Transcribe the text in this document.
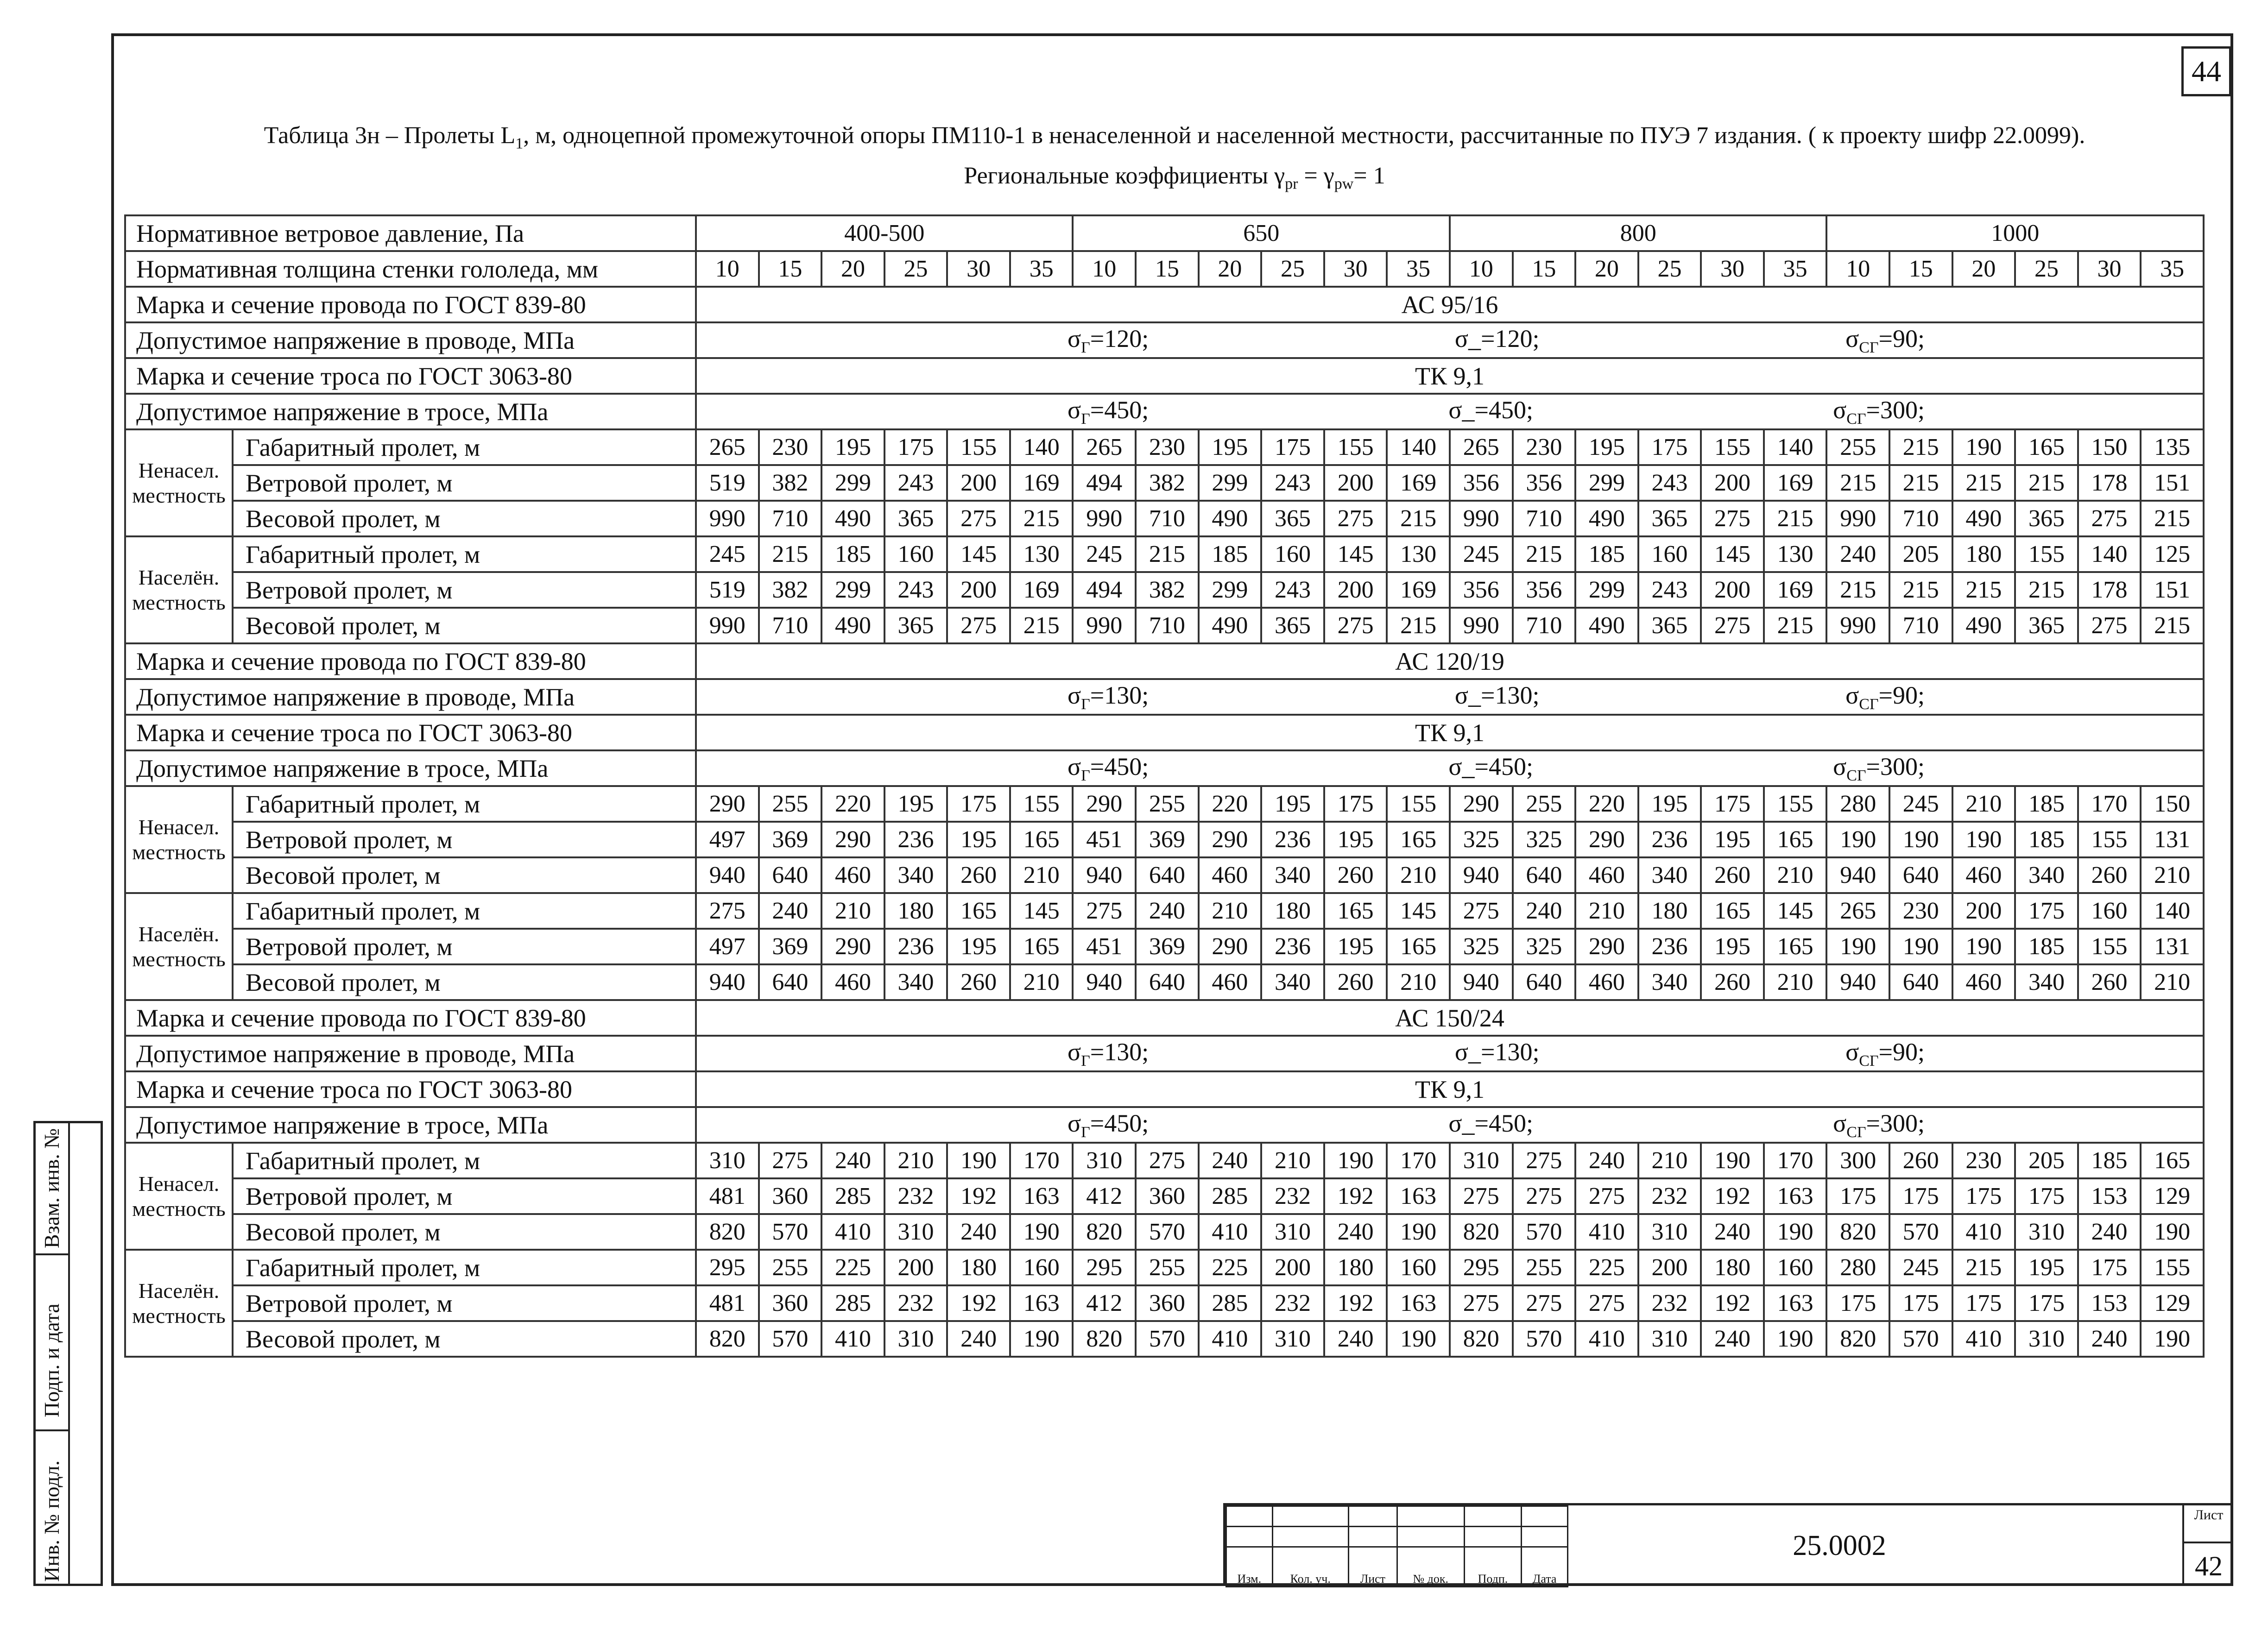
44
Таблица 3н – Пролеты $L_1$, м, одноцепной промежуточной опоры ПМ110-1 в ненаселенной и населенной местности, рассчитанные по ПУЭ 7 издания. ( к проекту шифр 22.0099).
Региональные коэффициенты $\gamma_{pr} = \gamma_{pw}= 1$
Нормативное ветровое давление, Па		400-500						650						800						1000					
Нормативная толщина стенки гололеда, мм		10	15	20	25	30	35	10	15	20	25	30	35	10	15	20	25	30	35	10	15	20	25	30	35
Марка и сечение провода по ГОСТ 839-80		АС 95/16																							
Допустимое напряжение в проводе, МПа		$\sigma_Г=120$; σ_=120; $\sigma_{СГ}=90$;																							

Марка и сечение троса по ГОСТ 3063-80		ТК 9,1																							
Допустимое напряжение в тросе, МПа		$\sigma_Г=450$; σ_=450; $\sigma_{СГ}=300$;																							

Ненасел. местность	Габаритный пролет, м	265	230	195	175	155	140	265	230	195	175	155	140	265	230	195	175	155	140	255	215	190	165	150	135
	Ветровой пролет, м	519	382	299	243	200	169	494	382	299	243	200	169	356	356	299	243	200	169	215	215	215	215	178	151
	Весовой пролет, м	990	710	490	365	275	215	990	710	490	365	275	215	990	710	490	365	275	215	990	710	490	365	275	215
Населён. местность	Габаритный пролет, м	245	215	185	160	145	130	245	215	185	160	145	130	245	215	185	160	145	130	240	205	180	155	140	125
	Ветровой пролет, м	519	382	299	243	200	169	494	382	299	243	200	169	356	356	299	243	200	169	215	215	215	215	178	151
	Весовой пролет, м	990	710	490	365	275	215	990	710	490	365	275	215	990	710	490	365	275	215	990	710	490	365	275	215
Марка и сечение провода по ГОСТ 839-80		АС 120/19																							
Допустимое напряжение в проводе, МПа		$\sigma_Г=130$; σ_=130; $\sigma_{СГ}=90$;																							

Марка и сечение троса по ГОСТ 3063-80		ТК 9,1																							
Допустимое напряжение в тросе, МПа		$\sigma_Г=450$; σ_=450; $\sigma_{СГ}=300$;																							

Ненасел. местность	Габаритный пролет, м	290	255	220	195	175	155	290	255	220	195	175	155	290	255	220	195	175	155	280	245	210	185	170	150
	Ветровой пролет, м	497	369	290	236	195	165	451	369	290	236	195	165	325	325	290	236	195	165	190	190	190	185	155	131
	Весовой пролет, м	940	640	460	340	260	210	940	640	460	340	260	210	940	640	460	340	260	210	940	640	460	340	260	210
Населён. местность	Габаритный пролет, м	275	240	210	180	165	145	275	240	210	180	165	145	275	240	210	180	165	145	265	230	200	175	160	140
	Ветровой пролет, м	497	369	290	236	195	165	451	369	290	236	195	165	325	325	290	236	195	165	190	190	190	185	155	131
	Весовой пролет, м	940	640	460	340	260	210	940	640	460	340	260	210	940	640	460	340	260	210	940	640	460	340	260	210
Марка и сечение провода по ГОСТ 839-80		АС 150/24																							
Допустимое напряжение в проводе, МПа		$\sigma_Г=130$; σ_=130; $\sigma_{СГ}=90$;																							

Марка и сечение троса по ГОСТ 3063-80		ТК 9,1																							
Допустимое напряжение в тросе, МПа		$\sigma_Г=450$; σ_=450; $\sigma_{СГ}=300$;																							

Ненасел. местность	Габаритный пролет, м	310	275	240	210	190	170	310	275	240	210	190	170	310	275	240	210	190	170	300	260	230	205	185	165
	Ветровой пролет, м	481	360	285	232	192	163	412	360	285	232	192	163	275	275	275	232	192	163	175	175	175	175	153	129
	Весовой пролет, м	820	570	410	310	240	190	820	570	410	310	240	190	820	570	410	310	240	190	820	570	410	310	240	190
Населён. местность	Габаритный пролет, м	295	255	225	200	180	160	295	255	225	200	180	160	295	255	225	200	180	160	280	245	215	195	175	155
	Ветровой пролет, м	481	360	285	232	192	163	412	360	285	232	192	163	275	275	275	232	192	163	175	175	175	175	153	129
	Весовой пролет, м	820	570	410	310	240	190	820	570	410	310	240	190	820	570	410	310	240	190	820	570	410	310	240	190
Взам. инв. №
Подп. и дата
Инв. № подл.

						Изм.	Кол. уч.	Лист	№ док.	Подп.	Дата
25.0002
Лист
42
